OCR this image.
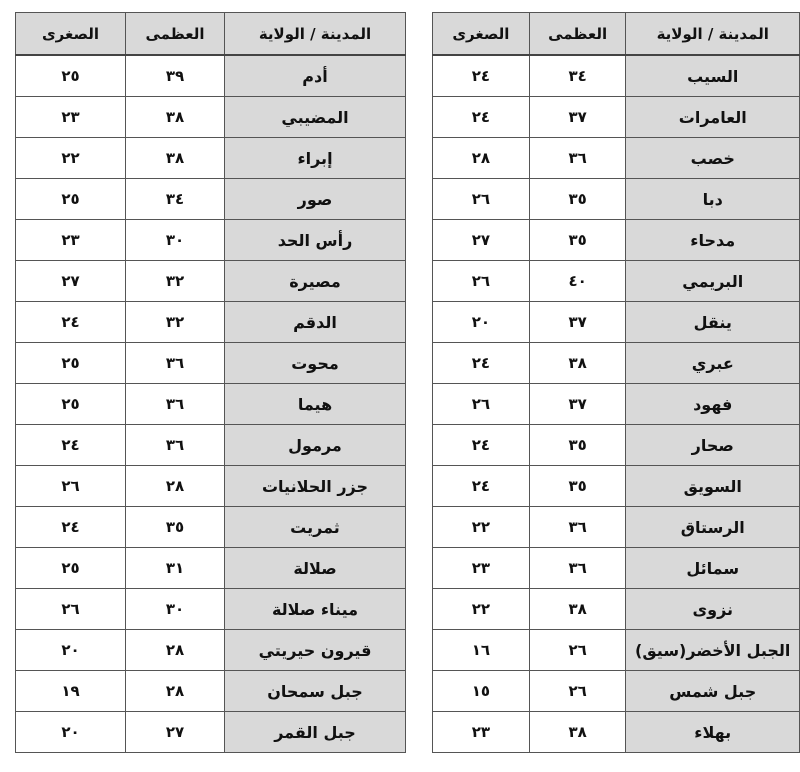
المدينة / الولاية	العظمى	الصغرى
السيب	٣٤	٢٤
العامرات	٣٧	٢٤
خصب	٣٦	٢٨
دبا	٣٥	٢٦
مدحاء	٣٥	٢٧
البريمي	٤٠	٢٦
ينقل	٣٧	٢٠
عبري	٣٨	٢٤
فهود	٣٧	٢٦
صحار	٣٥	٢٤
السويق	٣٥	٢٤
الرستاق	٣٦	٢٢
سمائل	٣٦	٢٣
نزوى	٣٨	٢٢
الجبل الأخضر(سيق)	٢٦	١٦
جبل شمس	٢٦	١٥
بهلاء	٣٨	٢٣
المدينة / الولاية	العظمى	الصغرى
أدم	٣٩	٢٥
المضيبي	٣٨	٢٣
إبراء	٣٨	٢٢
صور	٣٤	٢٥
رأس الحد	٣٠	٢٣
مصيرة	٣٢	٢٧
الدقم	٣٢	٢٤
محوت	٣٦	٢٥
هيما	٣٦	٢٥
مرمول	٣٦	٢٤
جزر الحلانيات	٢٨	٢٦
ثمريت	٣٥	٢٤
صلالة	٣١	٢٥
ميناء صلالة	٣٠	٢٦
قيرون حيريتي	٢٨	٢٠
جبل سمحان	٢٨	١٩
جبل القمر	٢٧	٢٠
